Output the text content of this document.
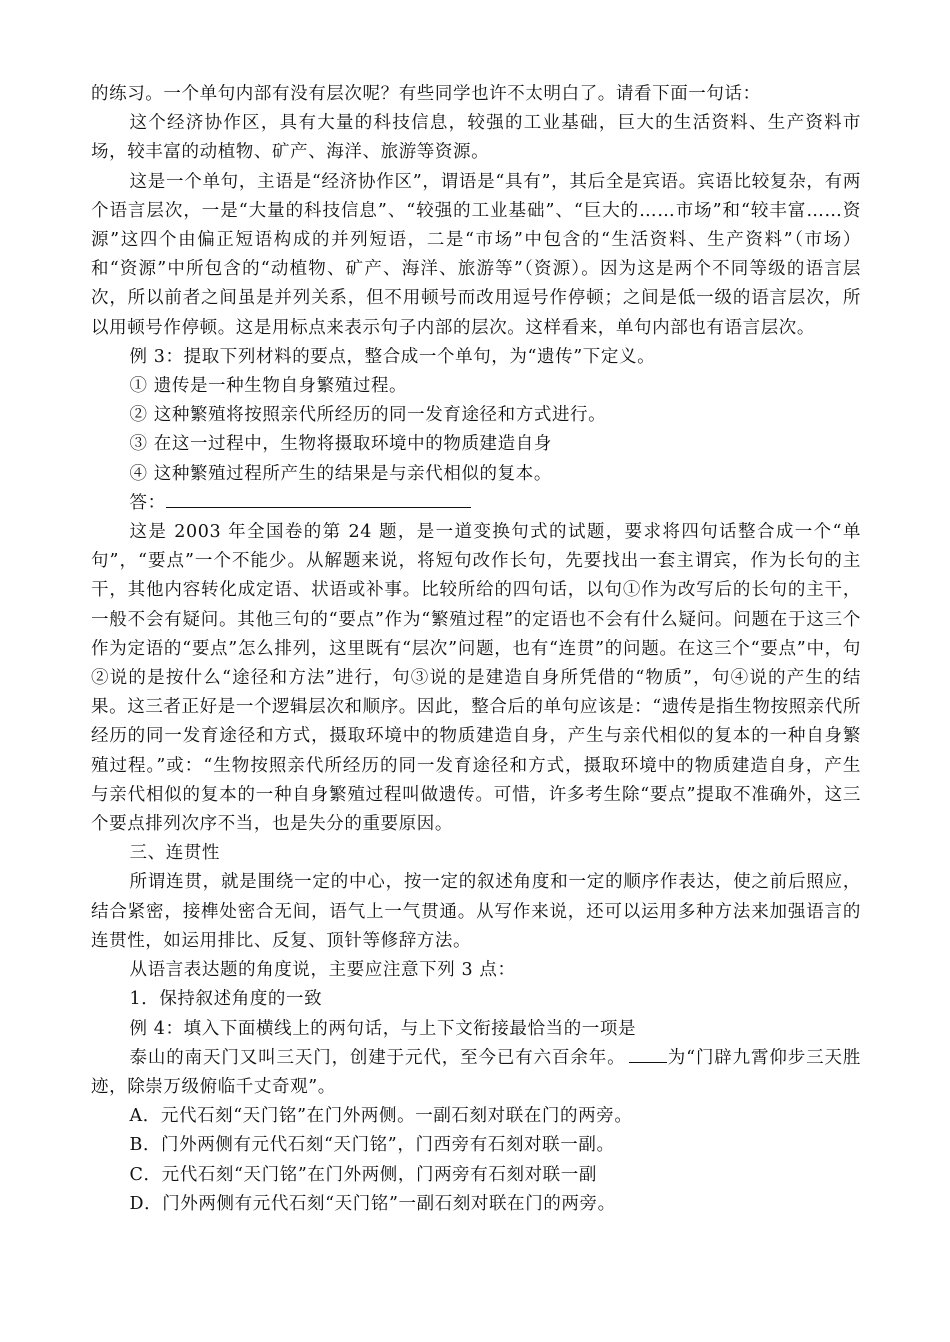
的练习。一个单句内部有没有层次呢？有些同学也许不太明白了。请看下面一句话：

这个经济协作区，具有大量的科技信息，较强的工业基础，巨大的生活资料、生产资料市场，较丰富的动植物、矿产、海洋、旅游等资源。

这是一个单句，主语是“经济协作区”，谓语是“具有”，其后全是宾语。宾语比较复杂，有两个语言层次，一是“大量的科技信息”、“较强的工业基础”、“巨大的……市场”和“较丰富……资源”这四个由偏正短语构成的并列短语，二是“市场”中包含的“生活资料、生产资料”（市场）和“资源”中所包含的“动植物、矿产、海洋、旅游等”（资源）。因为这是两个不同等级的语言层次，所以前者之间虽是并列关系，但不用顿号而改用逗号作停顿；之间是低一级的语言层次，所以用顿号作停顿。这是用标点来表示句子内部的层次。这样看来，单句内部也有语言层次。

例 3：提取下列材料的要点，整合成一个单句，为“遗传”下定义。

① 遗传是一种生物自身繁殖过程。

② 这种繁殖将按照亲代所经历的同一发育途径和方式进行。

③ 在这一过程中，生物将摄取环境中的物质建造自身

④ 这种繁殖过程所产生的结果是与亲代相似的复本。

答：

这是 2003 年全国卷的第 24 题，是一道变换句式的试题，要求将四句话整合成一个“单句”，“要点”一个不能少。从解题来说，将短句改作长句，先要找出一套主谓宾，作为长句的主干，其他内容转化成定语、状语或补事。比较所给的四句话，以句①作为改写后的长句的主干，一般不会有疑问。其他三句的“要点”作为“繁殖过程”的定语也不会有什么疑问。问题在于这三个作为定语的“要点”怎么排列，这里既有“层次”问题，也有“连贯”的问题。在这三个“要点”中，句②说的是按什么“途径和方法”进行，句③说的是建造自身所凭借的“物质”，句④说的产生的结果。这三者正好是一个逻辑层次和顺序。因此，整合后的单句应该是：“遗传是指生物按照亲代所经历的同一发育途径和方式，摄取环境中的物质建造自身，产生与亲代相似的复本的一种自身繁殖过程。”或：“生物按照亲代所经历的同一发育途径和方式，摄取环境中的物质建造自身，产生与亲代相似的复本的一种自身繁殖过程叫做遗传。可惜，许多考生除“要点”提取不准确外，这三个要点排列次序不当，也是失分的重要原因。

三、连贯性

所谓连贯，就是围绕一定的中心，按一定的叙述角度和一定的顺序作表达，使之前后照应，结合紧密，接榫处密合无间，语气上一气贯通。从写作来说，还可以运用多种方法来加强语言的连贯性，如运用排比、反复、顶针等修辞方法。

从语言表达题的角度说，主要应注意下列 3 点：

1．保持叙述角度的一致

例 4：填入下面横线上的两句话，与上下文衔接最恰当的一项是

泰山的南天门又叫三天门，创建于元代，至今已有六百余年。 为“门辟九霄仰步三天胜迹，除崇万级俯临千丈奇观”。

A．元代石刻“天门铭”在门外两侧。一副石刻对联在门的两旁。

B．门外两侧有元代石刻“天门铭”，门西旁有石刻对联一副。

C．元代石刻“天门铭”在门外两侧，门两旁有石刻对联一副

D．门外两侧有元代石刻“天门铭”一副石刻对联在门的两旁。
